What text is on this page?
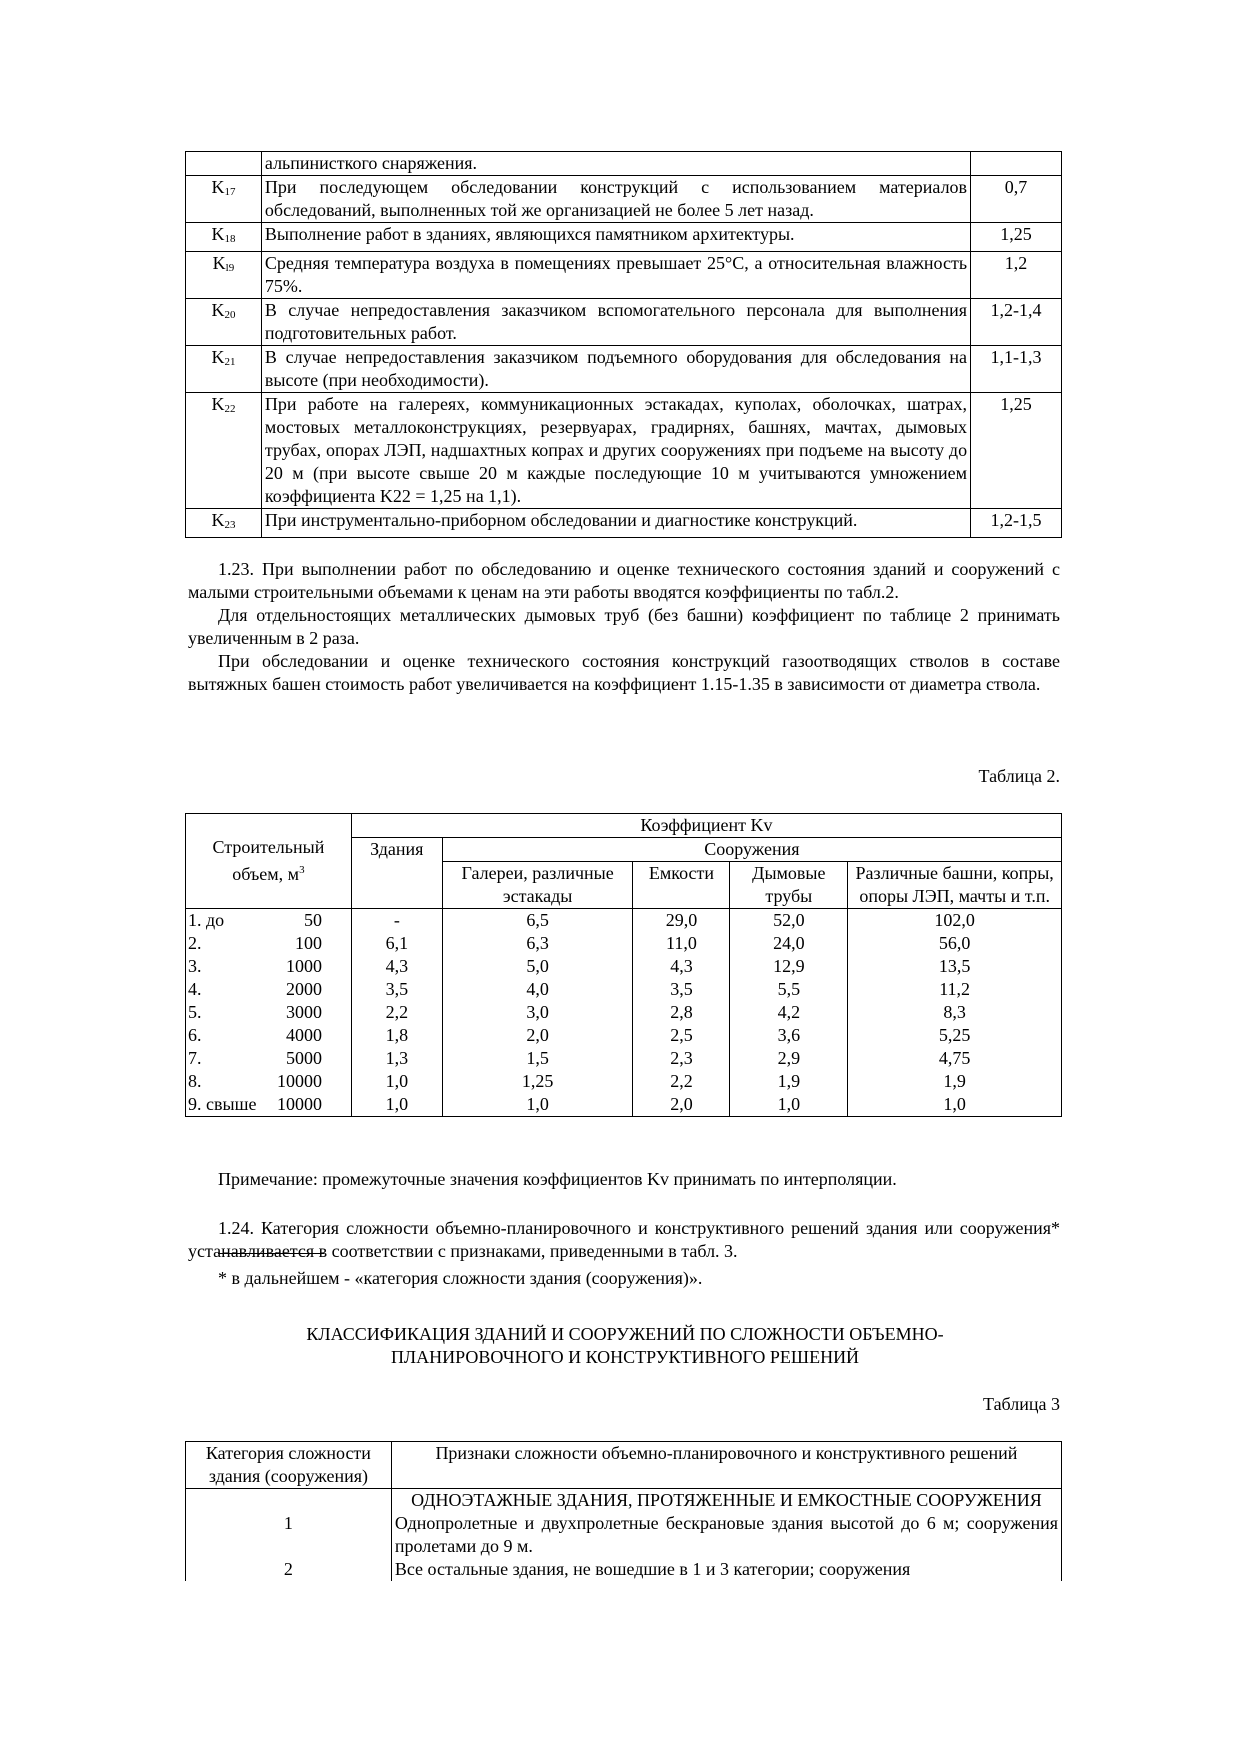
	альпинисткого снаряжения.	
$K_{17}$	При последующем обследовании конструкций с использованием материалов обследований, выполненных той же организацией не более 5 лет назад.	0,7
$K_{18}$	Выполнение работ в зданиях, являющихся памятником архитектуры.	1,25
$K_{l9}$	Средняя температура воздуха в помещениях превышает 25°С, а относительная влажность 75%.	1,2
$K_{20}$	В случае непредоставления заказчиком вспомогательного персонала для выполнения подготовительных работ.	1,2-1,4
$K_{21}$	В случае непредоставления заказчиком подъемного оборудования для обследования на высоте (при необходимости).	1,1-1,3
$K_{22}$	При работе на галереях, коммуникационных эстакадах, куполах, оболочках, шатрах, мостовых металлоконструкциях, резервуарах, градирнях, башнях, мачтах, дымовых трубах, опорах ЛЭП, надшахтных копрах и других сооружениях при подъеме на высоту до 20 м (при высоте свыше 20 м каждые последующие 10 м учитываются умножением коэффициента K22 = 1,25 на 1,1).	1,25
$K_{23}$	При инструментально-приборном обследовании и диагностике конструкций.	1,2-1,5

1.23. При выполнении работ по обследованию и оценке технического состояния зданий и сооружений с малыми строительными объемами к ценам на эти работы вводятся коэффициенты по табл.2.

Для отдельностоящих металлических дымовых труб (без башни) коэффициент по таблице 2 принимать увеличенным в 2 раза.

При обследовании и оценке технического состояния конструкций газоотводящих стволов в составе вытяжных башен стоимость работ увеличивается на коэффициент 1.15-1.35 в зависимости от диаметра ствола.

Таблица 2.
Строительный объем, $м^3$	Коэффициент Kv				
	Здания	Сооружения			
		Галереи, различные эстакады	Емкости	Дымовые трубы	Различные башни, копры, опоры ЛЭП, мачты и т.п.
1. до 50	-	6,5	29,0	52,0	102,0
2. 100	6,1	6,3	11,0	24,0	56,0
3. 1000	4,3	5,0	4,3	12,9	13,5
4. 2000	3,5	4,0	3,5	5,5	11,2
5. 3000	2,2	3,0	2,8	4,2	8,3
6. 4000	1,8	2,0	2,5	3,6	5,25
7. 5000	1,3	1,5	2,3	2,9	4,75
8. 10000	1,0	1,25	2,2	1,9	1,9
9. свыше 10000	1,0	1,0	2,0	1,0	1,0

Примечание: промежуточные значения коэффициентов Kv принимать по интерполяции.

1.24. Категория сложности объемно-планировочного и конструктивного решений здания или сооружения* устанавливается в соответствии с признаками, приведенными в табл. 3.

* в дальнейшем - «категория сложности здания (сооружения)».
КЛАССИФИКАЦИЯ ЗДАНИЙ И СООРУЖЕНИЙ ПО СЛОЖНОСТИ ОБЪЕМНО-ПЛАНИРОВОЧНОГО И КОНСТРУКТИВНОГО РЕШЕНИЙ
Таблица 3
Категория сложности здания (сооружения)	Признаки сложности объемно-планировочного и конструктивного решений
	ОДНОЭТАЖНЫЕ ЗДАНИЯ, ПРОТЯЖЕННЫЕ И ЕМКОСТНЫЕ СООРУЖЕНИЯ
1	Однопролетные и двухпролетные бескрановые здания высотой до 6 м; сооружения пролетами до 9 м.
2	Все остальные здания, не вошедшие в 1 и 3 категории; сооружения
